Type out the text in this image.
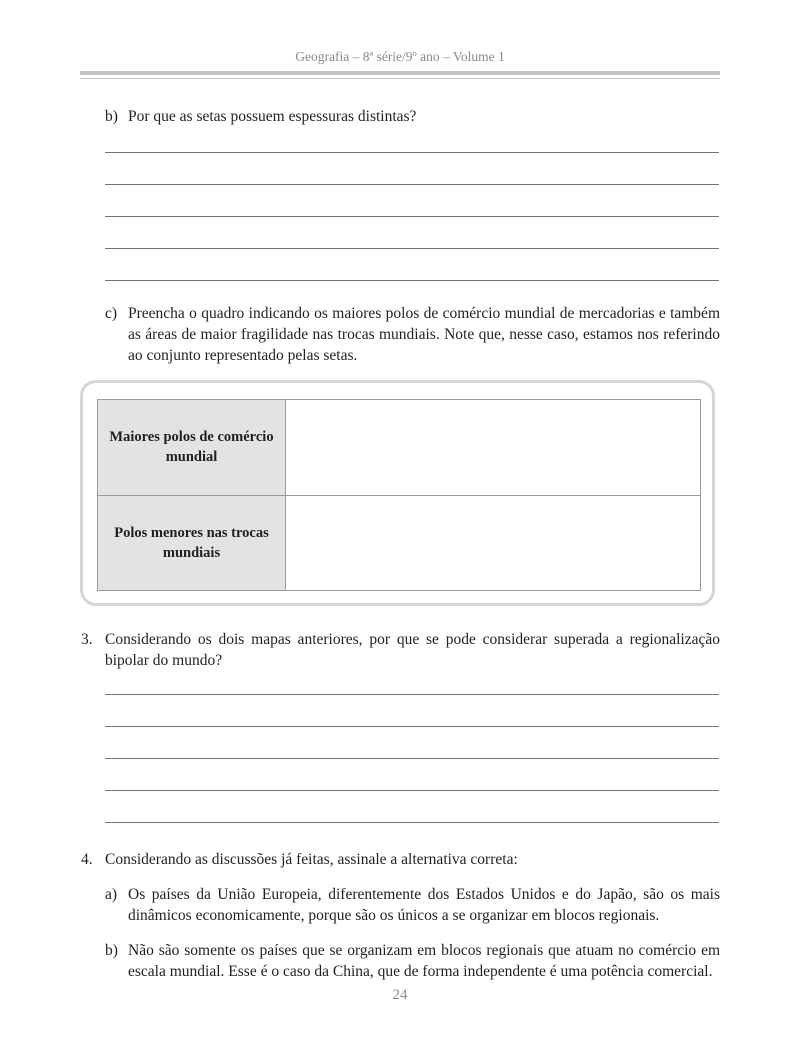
Geografia – 8ª série/9º ano – Volume 1
b) Por que as setas possuem espessuras distintas?
c) Preencha o quadro indicando os maiores polos de comércio mundial de mercadorias e também as áreas de maior fragilidade nas trocas mundiais. Note que, nesse caso, estamos nos referindo ao conjunto representado pelas setas.
Maiores polos de comércio mundial	
Polos menores nas trocas mundiais	
3. Considerando os dois mapas anteriores, por que se pode considerar superada a regionalização bipolar do mundo?
4. Considerando as discussões já feitas, assinale a alternativa correta:
a) Os países da União Europeia, diferentemente dos Estados Unidos e do Japão, são os mais dinâmicos economicamente, porque são os únicos a se organizar em blocos regionais.
b) Não são somente os países que se organizam em blocos regionais que atuam no comércio em escala mundial. Esse é o caso da China, que de forma independente é uma potência comercial.
24
